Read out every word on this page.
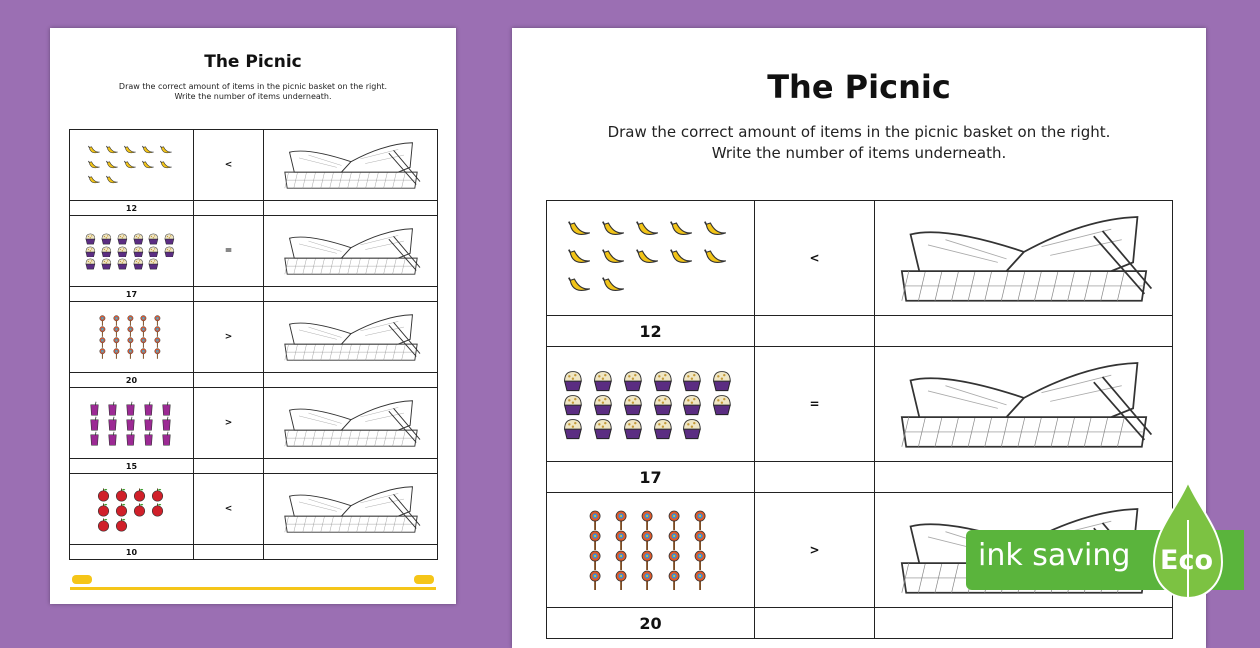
The Picnic
Draw the correct amount of items in the picnic basket on the right.
Write the number of items underneath.
	<	

12		

	=	

17		

	>	

20		

	>	

15		

	<	

10		
The Picnic
Draw the correct amount of items in the picnic basket on the right.
Write the number of items underneath.
	<	

12		

	=	

17		

	>	

20		
ink saving Eco
